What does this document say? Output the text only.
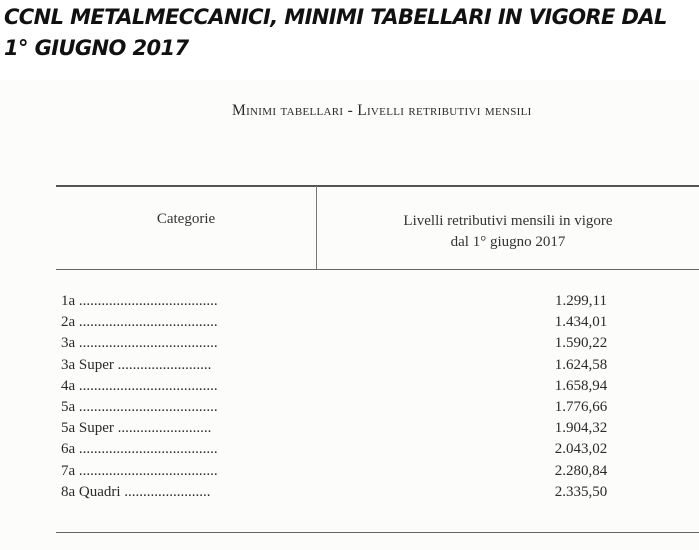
CCNL METALMECCANICI, MINIMI TABELLARI IN VIGORE DAL 1° GIUGNO 2017
Minimi tabellari - Livelli retributivi mensili
Categorie	Livelli retributivi mensili in vigore
dal 1° giugno 2017
1a .....................................	1.299,11
2a .....................................	1.434,01
3a .....................................	1.590,22
3a Super .........................	1.624,58
4a .....................................	1.658,94
5a .....................................	1.776,66
5a Super .........................	1.904,32
6a .....................................	2.043,02
7a .....................................	2.280,84
8a Quadri .......................	2.335,50
